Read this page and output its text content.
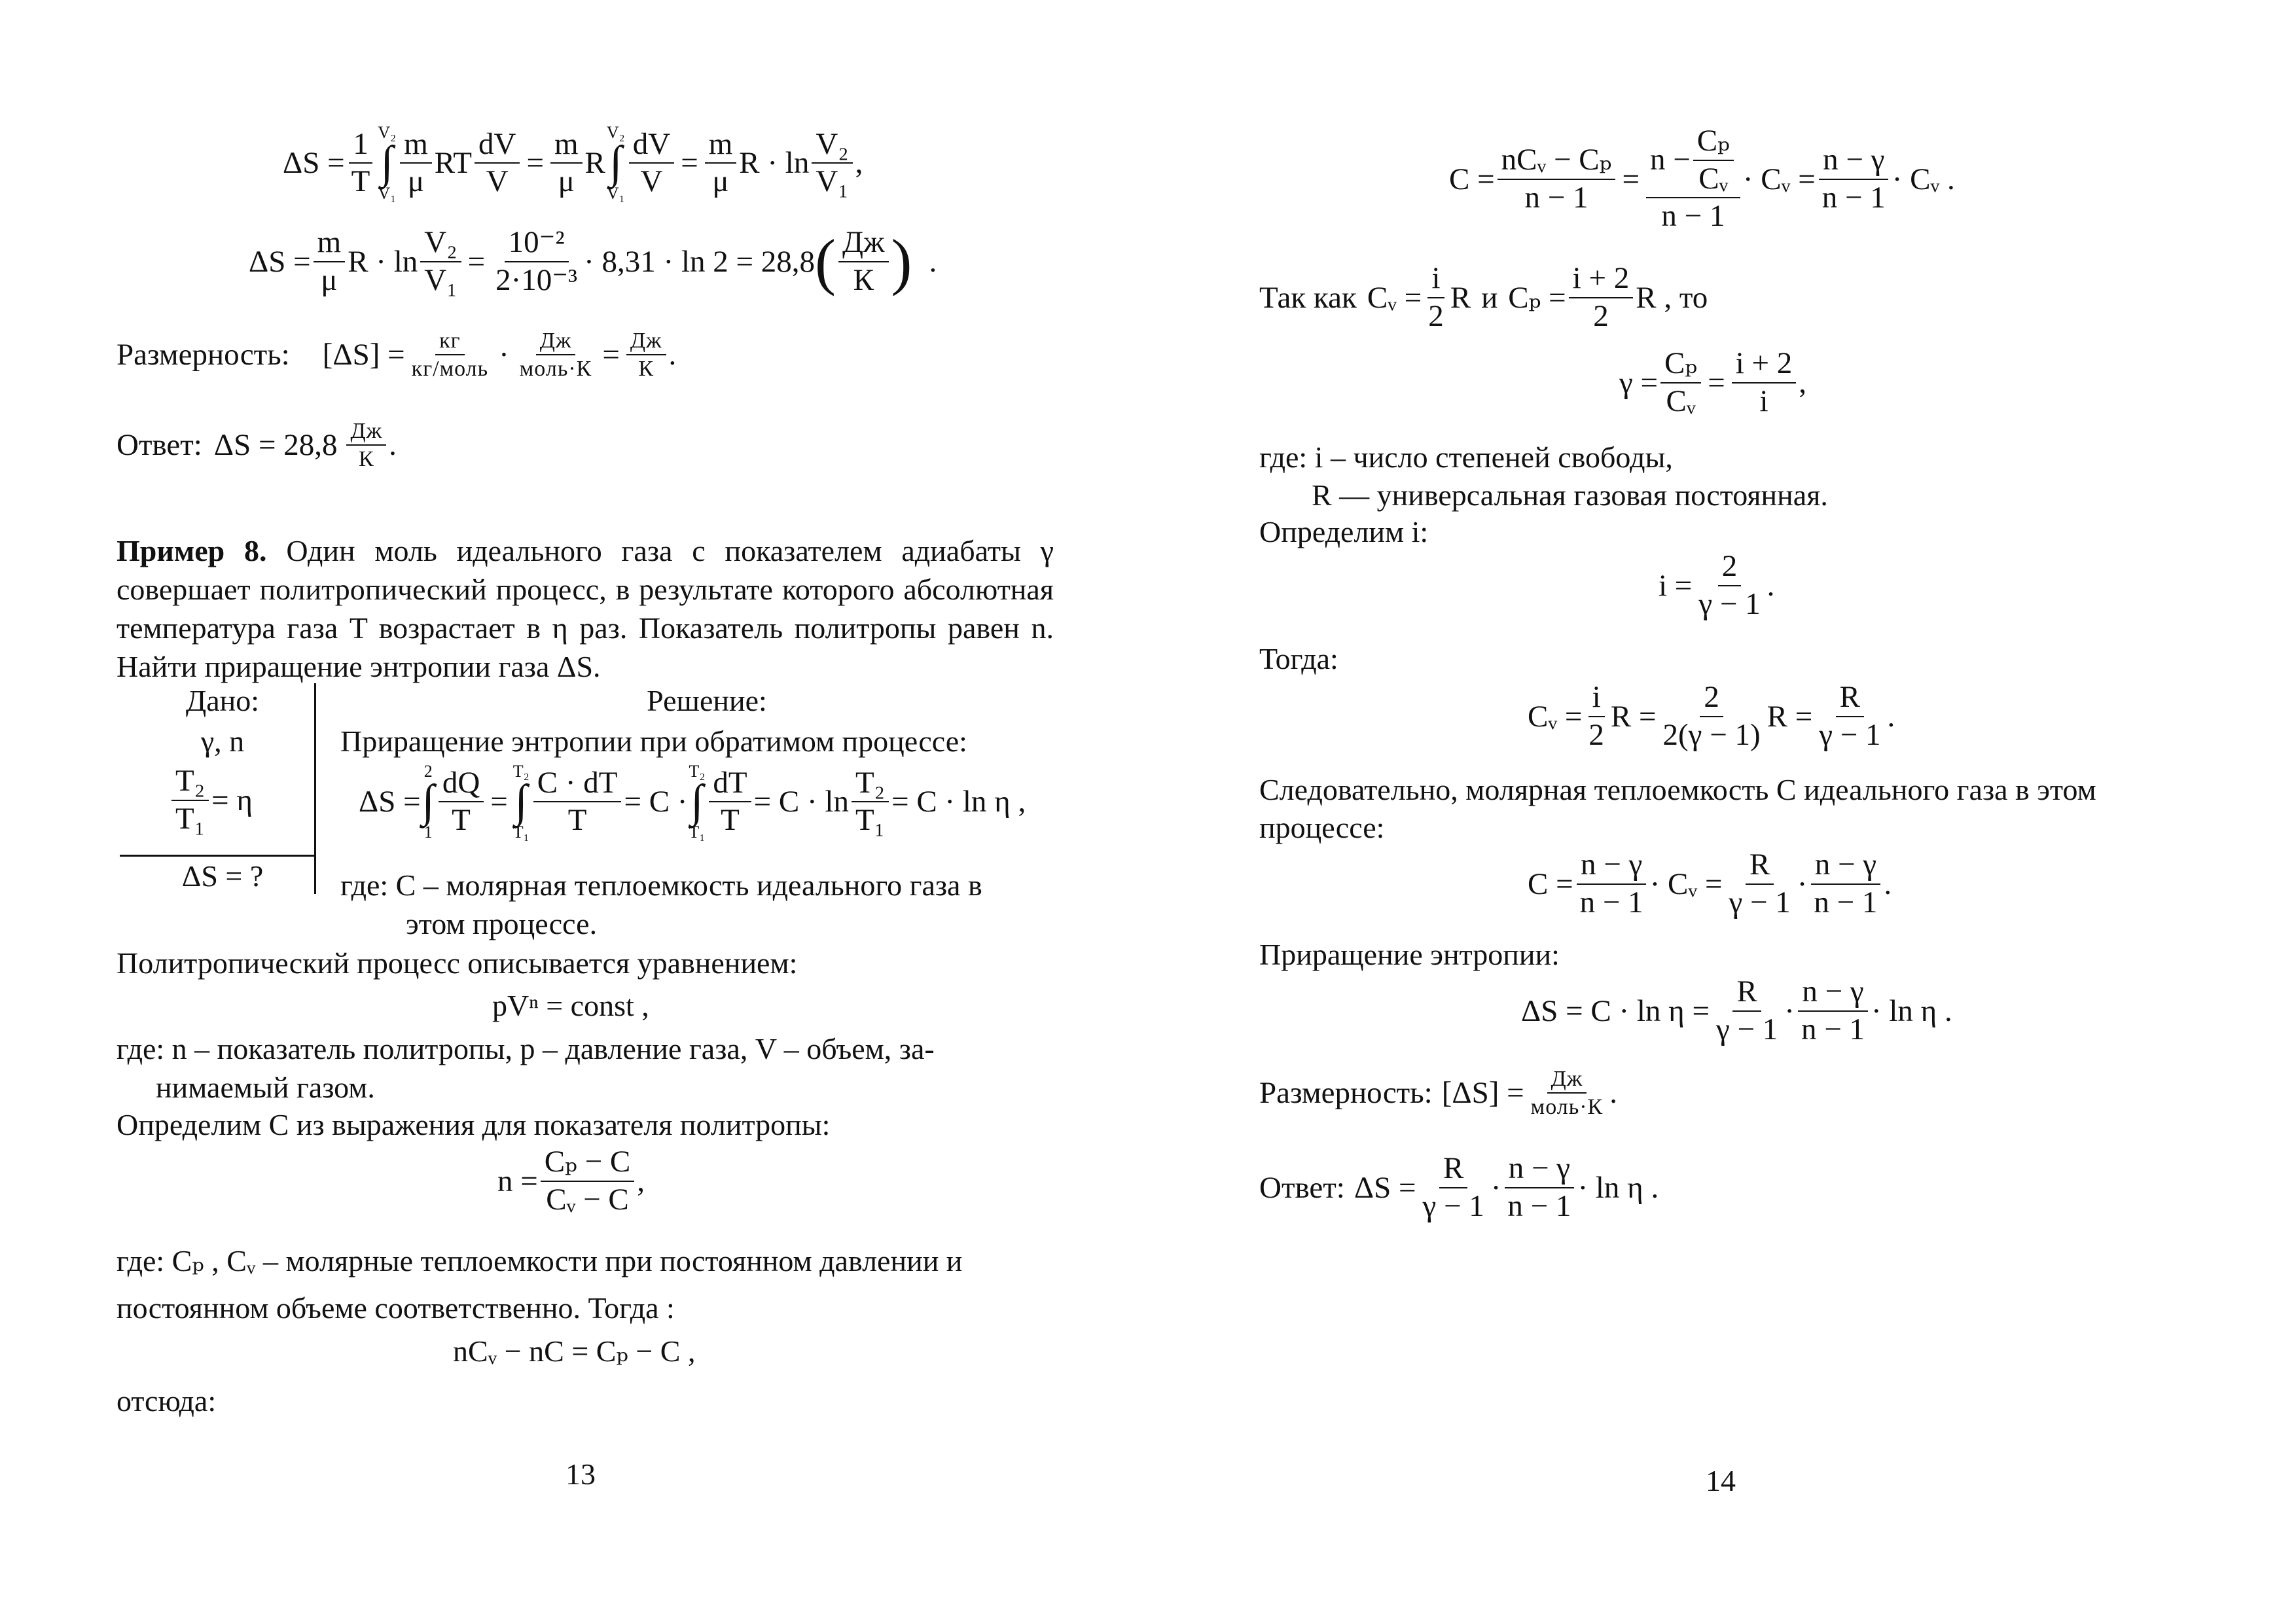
$\Delta S = \frac{1}{T} V_2$
∫
$V_1 \frac{m}{\mu}$ RT $\frac{dV}{V} = \frac{m}{\mu}$ R
V₂
∫
$V_1 \frac{dV}{V} = \frac{m}{\mu}$ $R \cdot \ln \frac{\text{V₂}}{\text{V₁}}$ ,
$\Delta S = \frac{m}{\mu}$ $R \cdot \ln \frac{\text{V₂}}{\text{V₁}} = \frac{\text{10⁻²}}{\text{2·10⁻³}} \cdot 8,31 \cdot \ln 2 = 28,8$ ( $\frac{Дж}{К}$ ) .
Размерность: $[\Delta S] = \frac{кг}{\text{кг/моль}} \cdot \frac{Дж}{\text{моль·К}} = \frac{Дж}{К}$ .
Ответ: $\Delta S = 28,8 \frac{Дж}{К}$ .
Пример 8. Один моль идеального газа с показателем адиабаты γ совершает политропический процесс, в результате которого абсолютная температура газа T возрастает в η раз. Показатель политропы равен n. Найти приращение энтропии газа ΔS.
Дано:
γ, n
$\frac{\text{T₂}}{\text{T₁}} = \eta$
ΔS = ?
Решение:
Приращение энтропии при обратимом процессе:
ΔS =
2
∫
$1 \frac{dQ}{T}$ =
T₂
∫
$T_1 \frac{C \cdot dT}{T} = C$ ·
T₂
∫
$T_1 \frac{dT}{T} = C \cdot \ln \frac{\text{T₂}}{\text{T₁}} = C \cdot \ln \eta$ ,
где: C – молярная теплоемкость идеального газа в
этом процессе.
Политропический процесс описывается уравнением:
pVⁿ = const ,
где: n – показатель политропы, p – давление газа, V – объем, за-
нимаемый газом.
Определим C из выражения для показателя политропы:
$n = \frac{\text{Cₚ − C}}{\text{Cᵥ − C}}$ ,
где: Cₚ , Cᵥ – молярные теплоемкости при постоянном давлении и
постоянном объеме соответственно. Тогда :
nCᵥ − nC = Cₚ − C ,
отсюда:
13
$C = \frac{\text{nCᵥ − Cₚ}}{n - 1} = \frac{n - \frac{\text{Cₚ}}{\text{Cᵥ}}}{n - 1}$ · Cᵥ = $\frac{n - \gamma}{n - 1}$ · Cᵥ .
Так как Cᵥ = $\frac{i}{2}$ R и $C_p = \frac{i + 2}{2}$ R , то
$\gamma = \frac{\text{Cₚ}}{\text{Cᵥ}} = \frac{i + 2}{i}$ ,
где: i – число степеней свободы,
R — универсальная газовая постоянная.
Определим i:
$i = \frac{2}{\gamma - 1}$ .
Тогда:
Cᵥ = $\frac{i}{2}$ $R = \frac{2}{2(\gamma - 1)}$ $R = \frac{R}{\gamma - 1}$ .
Следовательно, молярная теплоемкость C идеального газа в этом
процессе:
$C = \frac{n - \gamma}{n - 1}$ · Cᵥ = $\frac{R}{\gamma - 1} \cdot \frac{n - \gamma}{n - 1}$ .
Приращение энтропии:
$\Delta S = C \cdot \ln \eta = \frac{R}{\gamma - 1} \cdot \frac{n - \gamma}{n - 1} \cdot \ln \eta$ .
Размерность: $[\Delta S] = \frac{Дж}{\text{моль·К}}$ .
Ответ: $\Delta S = \frac{R}{\gamma - 1} \cdot \frac{n - \gamma}{n - 1} \cdot \ln \eta$ .
14
